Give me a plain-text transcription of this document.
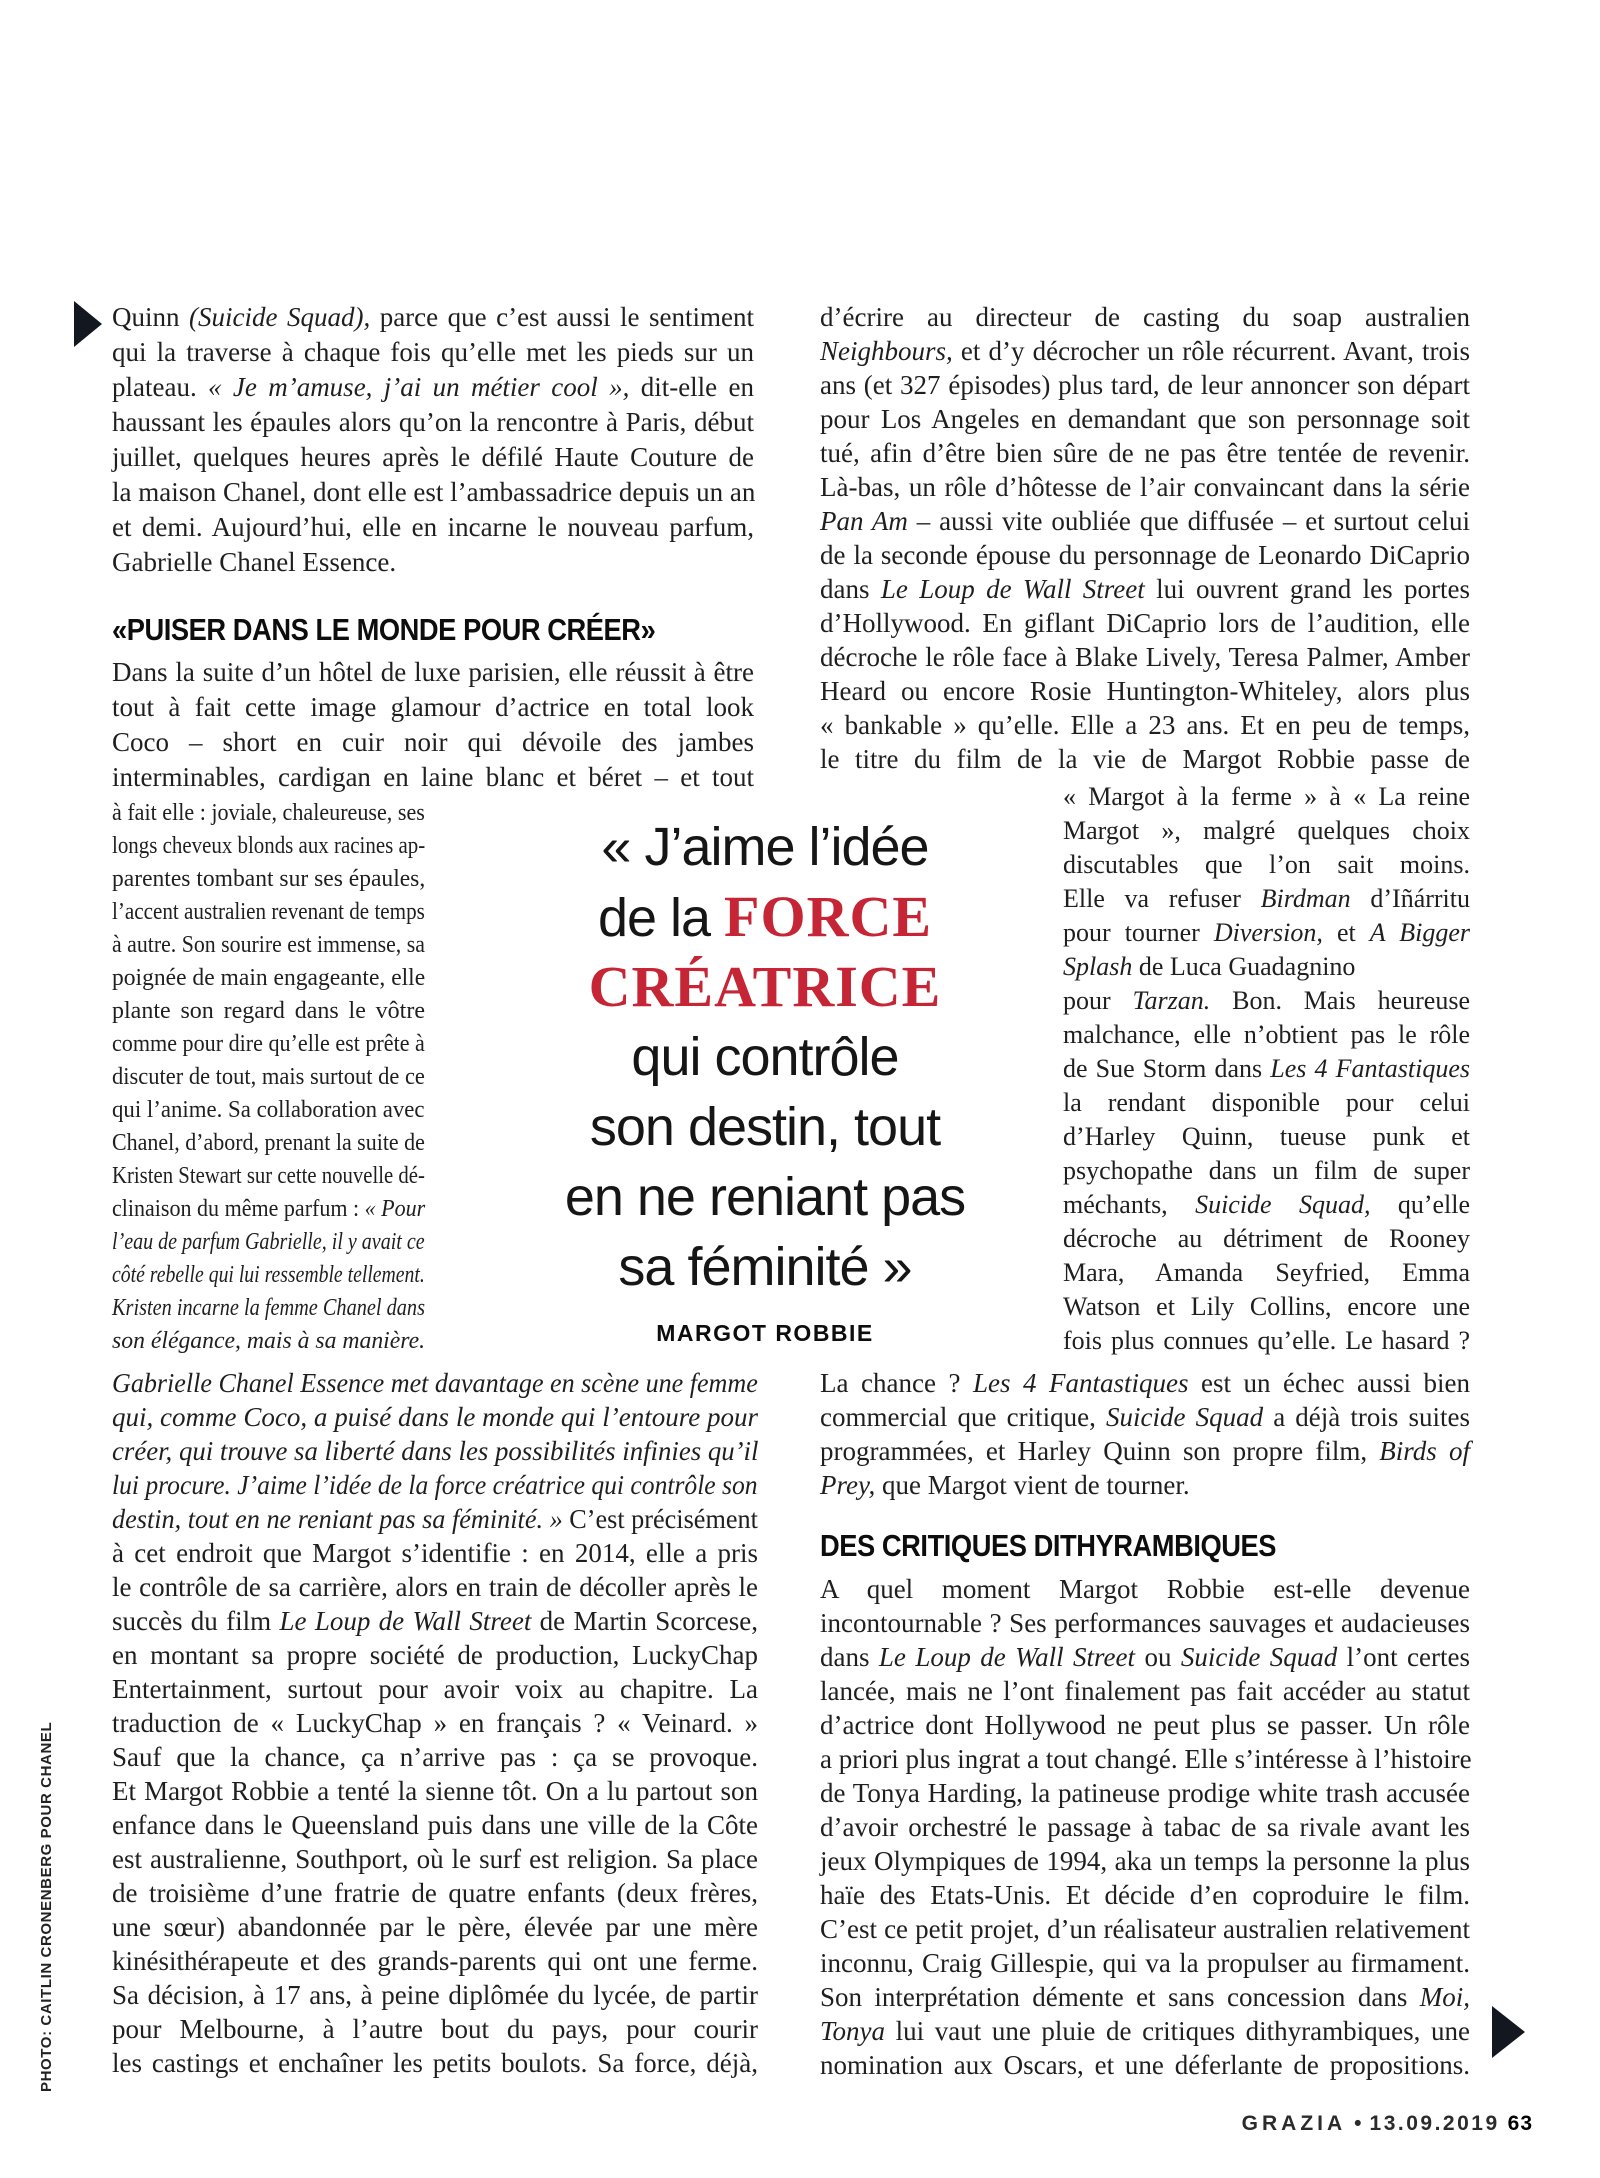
Quinn (Suicide Squad), parce que c’est aussi le sentiment
qui la traverse à chaque fois qu’elle met les pieds sur un
plateau. « Je m’amuse, j’ai un métier cool », dit-elle en
haussant les épaules alors qu’on la rencontre à Paris, début
juillet, quelques heures après le défilé Haute Couture de
la maison Chanel, dont elle est l’ambassadrice depuis un an
et demi. Aujourd’hui, elle en incarne le nouveau parfum,
Gabrielle Chanel Essence.
«PUISER DANS LE MONDE POUR CRÉER»
Dans la suite d’un hôtel de luxe parisien, elle réussit à être
tout à fait cette image glamour d’actrice en total look
Coco – short en cuir noir qui dévoile des jambes
interminables, cardigan en laine blanc et béret – et tout
à fait elle : joviale, chaleureuse, ses
longs cheveux blonds aux racines ap-
parentes tombant sur ses épaules,
l’accent australien revenant de temps
à autre. Son sourire est immense, sa
poignée de main engageante, elle
plante son regard dans le vôtre
comme pour dire qu’elle est prête à
discuter de tout, mais surtout de ce
qui l’anime. Sa collaboration avec
Chanel, d’abord, prenant la suite de
Kristen Stewart sur cette nouvelle dé-
clinaison du même parfum : « Pour
l’eau de parfum Gabrielle, il y avait ce
côté rebelle qui lui ressemble tellement.
Kristen incarne la femme Chanel dans
son élégance, mais à sa manière.
Gabrielle Chanel Essence met davantage en scène une femme
qui, comme Coco, a puisé dans le monde qui l’entoure pour
créer, qui trouve sa liberté dans les possibilités infinies qu’il
lui procure. J’aime l’idée de la force créatrice qui contrôle son
destin, tout en ne reniant pas sa féminité. » C’est précisément
à cet endroit que Margot s’identifie : en 2014, elle a pris
le contrôle de sa carrière, alors en train de décoller après le
succès du film Le Loup de Wall Street de Martin Scorcese,
en montant sa propre société de production, LuckyChap
Entertainment, surtout pour avoir voix au chapitre. La
traduction de « LuckyChap » en français ? « Veinard. »
Sauf que la chance, ça n’arrive pas : ça se provoque.
Et Margot Robbie a tenté la sienne tôt. On a lu partout son
enfance dans le Queensland puis dans une ville de la Côte
est australienne, Southport, où le surf est religion. Sa place
de troisième d’une fratrie de quatre enfants (deux frères,
une sœur) abandonnée par le père, élevée par une mère
kinésithérapeute et des grands-parents qui ont une ferme.
Sa décision, à 17 ans, à peine diplômée du lycée, de partir
pour Melbourne, à l’autre bout du pays, pour courir
les castings et enchaîner les petits boulots. Sa force, déjà,
d’écrire au directeur de casting du soap australien
Neighbours, et d’y décrocher un rôle récurrent. Avant, trois
ans (et 327 épisodes) plus tard, de leur annoncer son départ
pour Los Angeles en demandant que son personnage soit
tué, afin d’être bien sûre de ne pas être tentée de revenir.
Là-bas, un rôle d’hôtesse de l’air convaincant dans la série
Pan Am – aussi vite oubliée que diffusée – et surtout celui
de la seconde épouse du personnage de Leonardo DiCaprio
dans Le Loup de Wall Street lui ouvrent grand les portes
d’Hollywood. En giflant DiCaprio lors de l’audition, elle
décroche le rôle face à Blake Lively, Teresa Palmer, Amber
Heard ou encore Rosie Huntington-Whiteley, alors plus
« bankable » qu’elle. Elle a 23 ans. Et en peu de temps,
le titre du film de la vie de Margot Robbie passe de
« Margot à la ferme » à « La reine
Margot », malgré quelques choix
discutables que l’on sait moins.
Elle va refuser Birdman d’Iñárritu
pour tourner Diversion, et A Bigger
Splash de Luca Guadagnino
pour Tarzan. Bon. Mais heureuse
malchance, elle n’obtient pas le rôle
de Sue Storm dans Les 4 Fantastiques
la rendant disponible pour celui
d’Harley Quinn, tueuse punk et
psychopathe dans un film de super
méchants, Suicide Squad, qu’elle
décroche au détriment de Rooney
Mara, Amanda Seyfried, Emma
Watson et Lily Collins, encore une
fois plus connues qu’elle. Le hasard ?
La chance ? Les 4 Fantastiques est un échec aussi bien
commercial que critique, Suicide Squad a déjà trois suites
programmées, et Harley Quinn son propre film, Birds of
Prey, que Margot vient de tourner.
DES CRITIQUES DITHYRAMBIQUES
A quel moment Margot Robbie est-elle devenue
incontournable ? Ses performances sauvages et audacieuses
dans Le Loup de Wall Street ou Suicide Squad l’ont certes
lancée, mais ne l’ont finalement pas fait accéder au statut
d’actrice dont Hollywood ne peut plus se passer. Un rôle
a priori plus ingrat a tout changé. Elle s’intéresse à l’histoire
de Tonya Harding, la patineuse prodige white trash accusée
d’avoir orchestré le passage à tabac de sa rivale avant les
jeux Olympiques de 1994, aka un temps la personne la plus
haïe des Etats-Unis. Et décide d’en coproduire le film.
C’est ce petit projet, d’un réalisateur australien relativement
inconnu, Craig Gillespie, qui va la propulser au firmament.
Son interprétation démente et sans concession dans Moi,
Tonya lui vaut une pluie de critiques dithyrambiques, une
nomination aux Oscars, et une déferlante de propositions.
« J’aime l’idée
de la FORCE
CRÉATRICE
qui contrôle
son destin, tout
en ne reniant pas
sa féminité »
MARGOT ROBBIE
PHOTO: CAITLIN CRONENBERG POUR CHANEL
GRAZIA • 13.09.2019 63
